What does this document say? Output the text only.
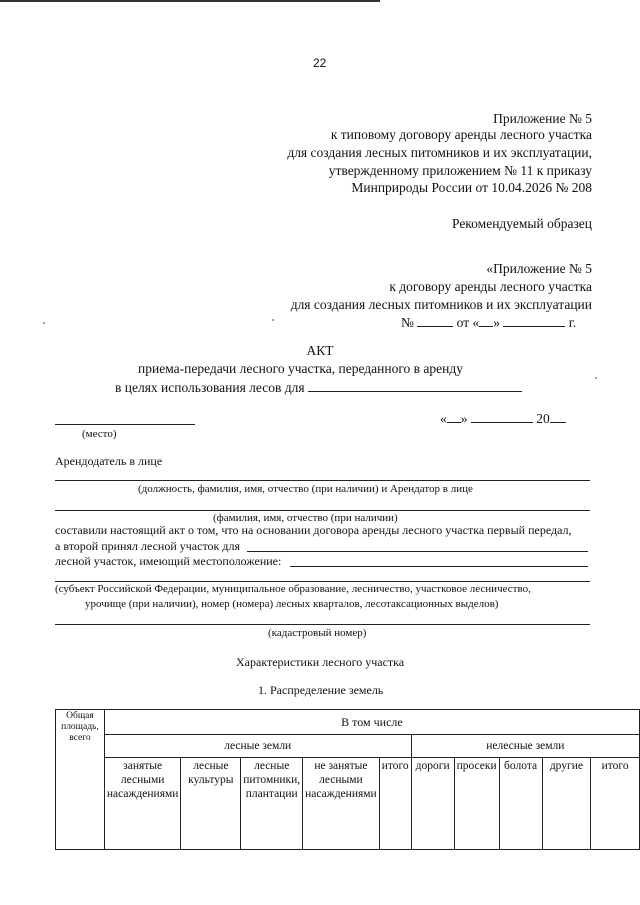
22
Приложение № 5
к типовому договору аренды лесного участка
для создания лесных питомников и их эксплуатации,
утвержденному приложением № 11 к приказу
Минприроды России от 10.04.2026 № 208
Рекомендуемый образец
«Приложение № 5
к договору аренды лесного участка
для создания лесных питомников и их эксплуатации
№	от « »	г.
АКТ
приема-передачи лесного участка, переданного в аренду
в целях использования лесов для
(место)
« »	20
Арендодатель в лице
(должность, фамилия, имя, отчество (при наличии) и Арендатор в лице
(фамилия, имя, отчество (при наличии)
составили настоящий акт о том, что на основании договора аренды лесного участка первый передал,
а второй принял лесной участок для
лесной участок, имеющий местоположение:
(субъект Российской Федерации, муниципальное образование, лесничество, участковое лесничество,
урочище (при наличии), номер (номера) лесных кварталов, лесотаксационных выделов)
(кадастровый номер)
Характеристики лесного участка
1. Распределение земель
Общая площадь, всего	В том числе									
	лесные земли					нелесные земли				
	занятые лесными насаждениями	лесные культуры	лесные питомники, плантации	не занятые лесными насаждениями	итого	дороги	просеки	болота	другие	итого
